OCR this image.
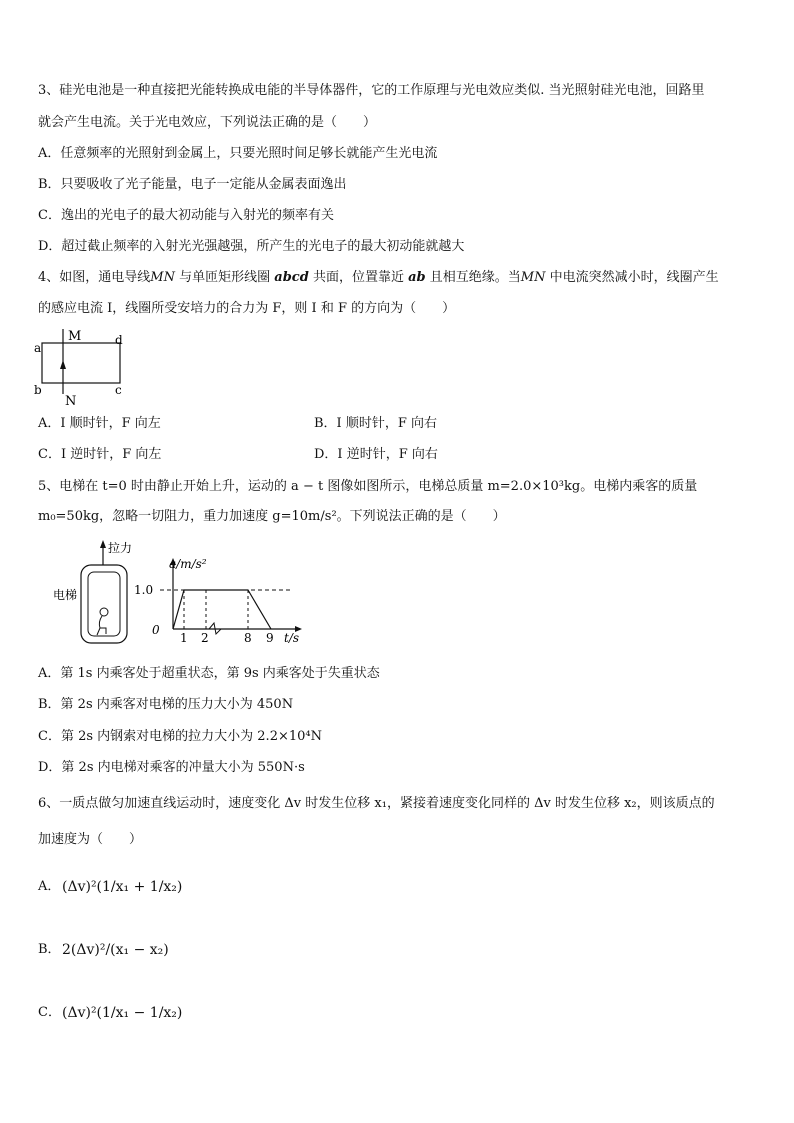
3、硅光电池是一种直接把光能转换成电能的半导体器件，它的工作原理与光电效应类似. 当光照射硅光电池，回路里
就会产生电流。关于光电效应，下列说法正确的是（　　）
A．任意频率的光照射到金属上，只要光照时间足够长就能产生光电流
B．只要吸收了光子能量，电子一定能从金属表面逸出
C．逸出的光电子的最大初动能与入射光的频率有关
D．超过截止频率的入射光光强越强，所产生的光电子的最大初动能就越大
4、如图，通电导线MN 与单匝矩形线圈 abcd 共面，位置靠近 ab 且相互绝缘。当MN 中电流突然减小时，线圈产生
的感应电流 I，线圈所受安培力的合力为 F，则 I 和 F 的方向为（　　）
a
b	c
d
M
N
A．I 顺时针，F 向左	B．I 顺时针，F 向右
C．I 逆时针，F 向左	D．I 逆时针，F 向右
5、电梯在 t=0 时由静止开始上升，运动的 a − t 图像如图所示，电梯总质量 m=2.0×10³kg。电梯内乘客的质量
m₀=50kg，忽略一切阻力，重力加速度 g=10m/s²。下列说法正确的是（　　）
拉力
电梯
a/m/s²
t/s
1.0
0
1 2	8 9
A．第 1s 内乘客处于超重状态，第 9s 内乘客处于失重状态
B．第 2s 内乘客对电梯的压力大小为 450N
C．第 2s 内钢索对电梯的拉力大小为 2.2×10⁴N
D．第 2s 内电梯对乘客的冲量大小为 550N·s
6、一质点做匀加速直线运动时，速度变化 Δv 时发生位移 x₁，紧接着速度变化同样的 Δv 时发生位移 x₂，则该质点的
加速度为（　　）
A． (Δv)²(1/x₁ + 1/x₂)
B． 2(Δv)²/(x₁ − x₂)
C． (Δv)²(1/x₁ − 1/x₂)
